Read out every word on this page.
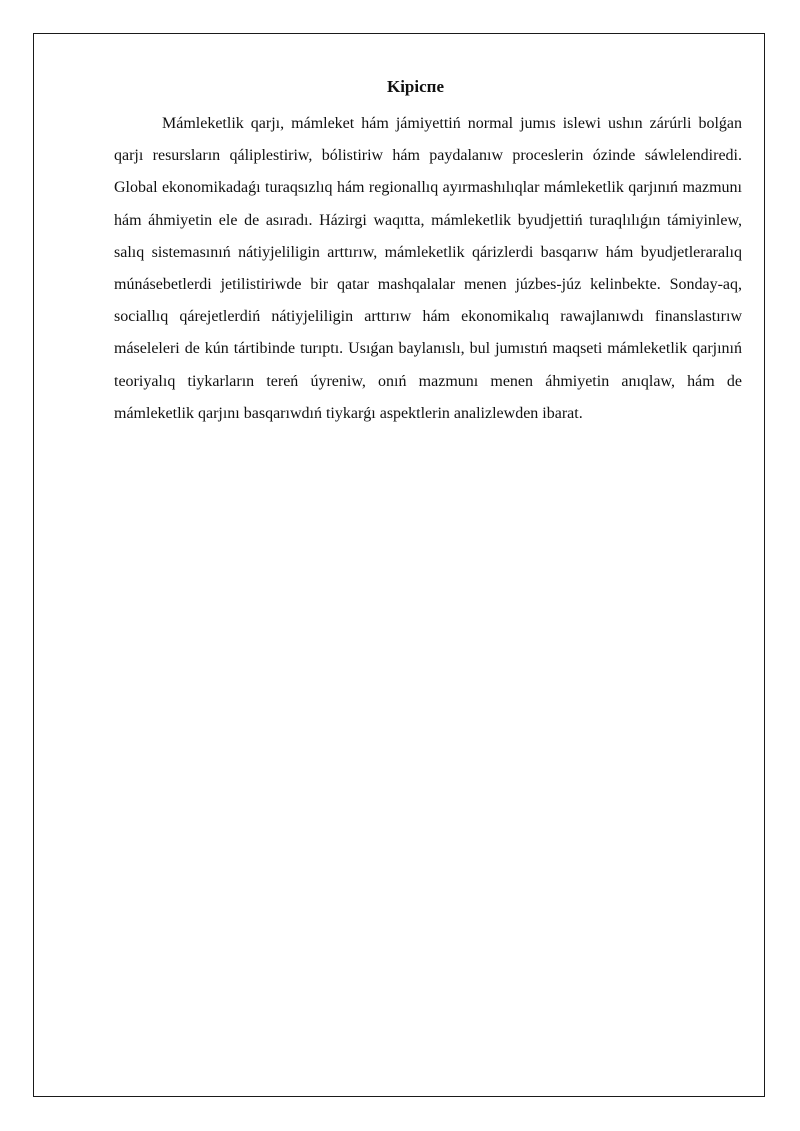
Kipicпe

Mámleketlik qarjı, mámleket hám jámiyettiń normal jumıs islewi ushın zárúrli bolǵan qarjı resursların qáliplestiriw, bólistiriw hám paydalanıw proceslerin ózinde sáwlelendiredi. Global ekonomikadaǵı turaqsızlıq hám regionallıq ayırmashılıqlar mámleketlik qarjınıń mazmunı hám áhmiyetin ele de asıradı. Házirgi waqıtta, mámleketlik byudjettiń turaqlılıǵın támiyinlew, salıq sistemasınıń nátiyjeliligin arttırıw, mámleketlik qárizlerdi basqarıw hám byudjetleraralıq múnásebetlerdi jetilistiriwde bir qatar mashqalalar menen júzbes-júz kelinbekte. Sonday-aq, sociallıq qárejetlerdiń nátiyjeliligin arttırıw hám ekonomikalıq rawajlanıwdı finanslastırıw máseleleri de kún tártibinde turıptı. Usıǵan baylanıslı, bul jumıstıń maqseti mámleketlik qarjınıń teoriyalıq tiykarların tereń úyreniw, onıń mazmunı menen áhmiyetin anıqlaw, hám de mámleketlik qarjını basqarıwdıń tiykarǵı aspektlerin analizlewden ibarat.
